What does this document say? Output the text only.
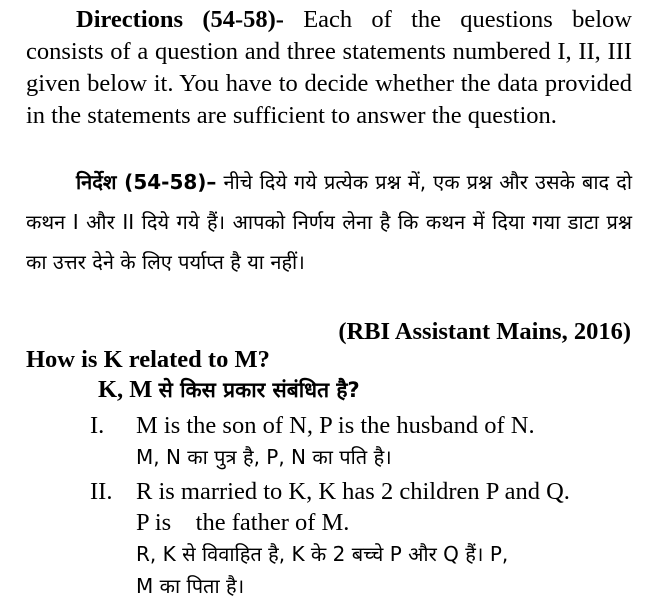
Directions (54-58)- Each of the questions below consists of a question and three statements numbered I, II, III given below it. You have to decide whether the data provided in the statements are sufficient to answer the question.
निर्देश (54-58)– नीचे दिये गये प्रत्येक प्रश्न में, एक प्रश्न और उसके बाद दो कथन I और II दिये गये हैं। आपको निर्णय लेना है कि कथन में दिया गया डाटा प्रश्न का उत्तर देने के लिए पर्याप्त है या नहीं।
(RBI Assistant Mains, 2016)
How is K related to M?
K, M से किस प्रकार संबंधित है?
I.	M is the son of N, P is the husband of N.
M, N का पुत्र है, P, N का पति है।
II. R is married to K, K has 2 children P and Q.
P is    the father of M.
R, K से विवाहित है, K के 2 बच्चे P और Q हैं। P,
M का पिता है।
